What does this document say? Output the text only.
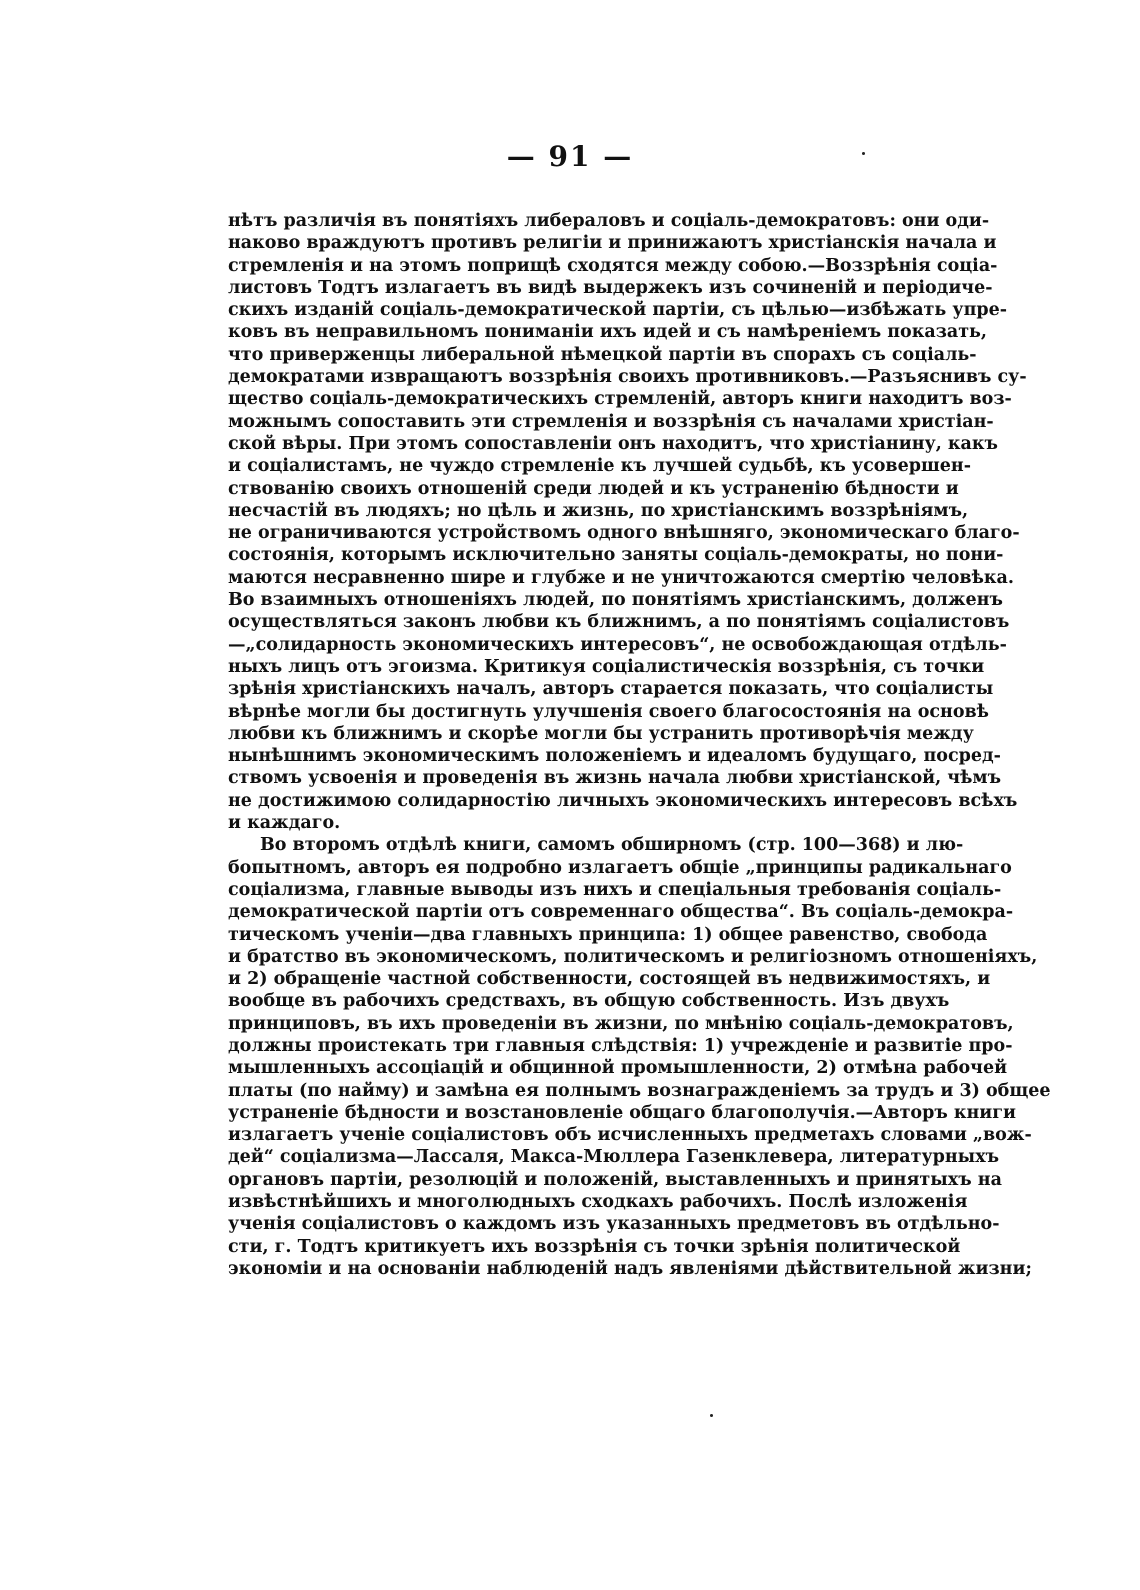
— 91 —
нѣтъ различія въ понятіяхъ либераловъ и соціаль-демократовъ: они оди-
наково враждуютъ противъ религіи и принижаютъ христіанскія начала и
стремленія и на этомъ поприщѣ сходятся между собою.—Воззрѣнія соціа-
листовъ Тодтъ излагаетъ въ видѣ выдержекъ изъ сочиненій и періодиче-
скихъ изданій соціаль-демократической партіи, съ цѣлью—избѣжать упре-
ковъ въ неправильномъ пониманіи ихъ идей и съ намѣреніемъ показать,
что приверженцы либеральной нѣмецкой партіи въ спорахъ съ соціаль-
демократами извращаютъ воззрѣнія своихъ противниковъ.—Разъяснивъ су-
щество соціаль-демократическихъ стремленій, авторъ книги находитъ воз-
можнымъ сопоставить эти стремленія и воззрѣнія съ началами христіан-
ской вѣры. При этомъ сопоставленіи онъ находитъ, что христіанину, какъ
и соціалистамъ, не чуждо стремленіе къ лучшей судьбѣ, къ усовершен-
ствованію своихъ отношеній среди людей и къ устраненію бѣдности и
несчастій въ людяхъ; но цѣль и жизнь, по христіанскимъ воззрѣніямъ,
не ограничиваются устройствомъ одного внѣшняго, экономическаго благо-
состоянія, которымъ исключительно заняты соціаль-демократы, но пони-
маются несравненно шире и глубже и не уничтожаются смертію человѣка.
Во взаимныхъ отношеніяхъ людей, по понятіямъ христіанскимъ, долженъ
осуществляться законъ любви къ ближнимъ, а по понятіямъ соціалистовъ
—„солидарность экономическихъ интересовъ“, не освобождающая отдѣль-
ныхъ лицъ отъ эгоизма. Критикуя соціалистическія воззрѣнія, съ точки
зрѣнія христіанскихъ началъ, авторъ старается показать, что соціалисты
вѣрнѣе могли бы достигнуть улучшенія своего благосостоянія на основѣ
любви къ ближнимъ и скорѣе могли бы устранить противорѣчія между
нынѣшнимъ экономическимъ положеніемъ и идеаломъ будущаго, посред-
ствомъ усвоенія и проведенія въ жизнь начала любви христіанской, чѣмъ
не достижимою солидарностію личныхъ экономическихъ интересовъ всѣхъ
и каждаго.
Во второмъ отдѣлѣ книги, самомъ обширномъ (стр. 100—368) и лю-
бопытномъ, авторъ ея подробно излагаетъ общіе „принципы радикальнаго
соціализма, главные выводы изъ нихъ и спеціальныя требованія соціаль-
демократической партіи отъ современнаго общества“. Въ соціаль-демокра-
тическомъ ученіи—два главныхъ принципа: 1) общее равенство, свобода
и братство въ экономическомъ, политическомъ и религіозномъ отношеніяхъ,
и 2) обращеніе частной собственности, состоящей въ недвижимостяхъ, и
вообще въ рабочихъ средствахъ, въ общую собственность. Изъ двухъ
принциповъ, въ ихъ проведеніи въ жизни, по мнѣнію соціаль-демократовъ,
должны проистекать три главныя слѣдствія: 1) учрежденіе и развитіе про-
мышленныхъ ассоціацій и общинной промышленности, 2) отмѣна рабочей
платы (по найму) и замѣна ея полнымъ вознагражденіемъ за трудъ и 3) общее
устраненіе бѣдности и возстановленіе общаго благополучія.—Авторъ книги
излагаетъ ученіе соціалистовъ объ исчисленныхъ предметахъ словами „вож-
дей“ соціализма—Лассаля, Макса-Мюллера Газенклевера, литературныхъ
органовъ партіи, резолюцій и положеній, выставленныхъ и принятыхъ на
извѣстнѣйшихъ и многолюдныхъ сходкахъ рабочихъ. Послѣ изложенія
ученія соціалистовъ о каждомъ изъ указанныхъ предметовъ въ отдѣльно-
сти, г. Тодтъ критикуетъ ихъ воззрѣнія съ точки зрѣнія политической
экономіи и на основаніи наблюденій надъ явленіями дѣйствительной жизни;
